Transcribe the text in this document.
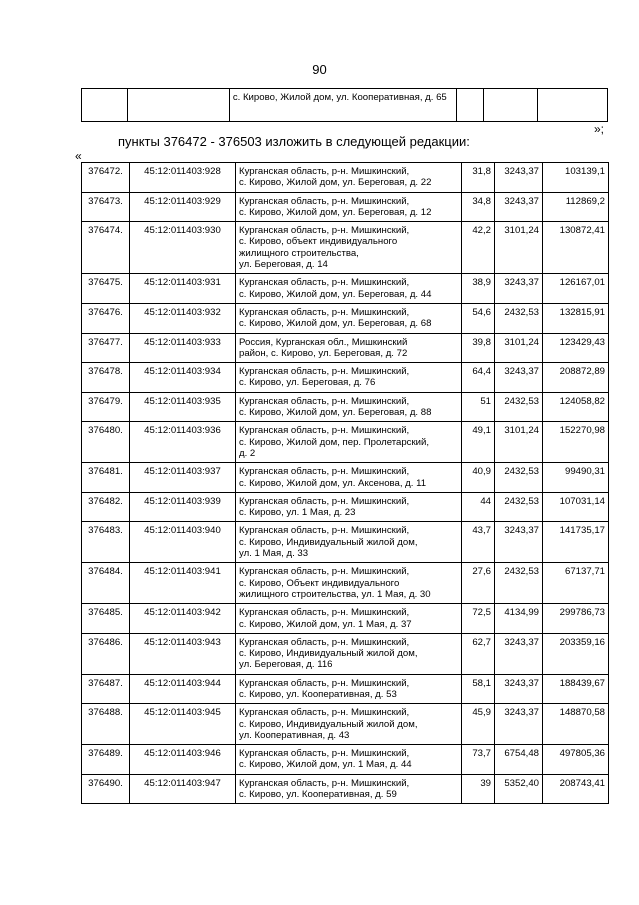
90
		с. Кирово, Жилой дом, ул. Кооперативная, д. 65			
»;
пункты 376472 - 376503 изложить в следующей редакции:
«
376472.	45:12:011403:928	Курганская область, р-н. Мишкинский,
с. Кирово, Жилой дом, ул. Береговая, д. 22	31,8	3243,37	103139,1
376473.	45:12:011403:929	Курганская область, р-н. Мишкинский,
с. Кирово, Жилой дом, ул. Береговая, д. 12	34,8	3243,37	112869,2
376474.	45:12:011403:930	Курганская область, р-н. Мишкинский,
с. Кирово, объект индивидуального
жилищного строительства,
ул. Береговая, д. 14	42,2	3101,24	130872,41
376475.	45:12:011403:931	Курганская область, р-н. Мишкинский,
с. Кирово, Жилой дом, ул. Береговая, д. 44	38,9	3243,37	126167,01
376476.	45:12:011403:932	Курганская область, р-н. Мишкинский,
с. Кирово, Жилой дом, ул. Береговая, д. 68	54,6	2432,53	132815,91
376477.	45:12:011403:933	Россия, Курганская обл., Мишкинский
район, с. Кирово, ул. Береговая, д. 72	39,8	3101,24	123429,43
376478.	45:12:011403:934	Курганская область, р-н. Мишкинский,
с. Кирово, ул. Береговая, д. 76	64,4	3243,37	208872,89
376479.	45:12:011403:935	Курганская область, р-н. Мишкинский,
с. Кирово, Жилой дом, ул. Береговая, д. 88	51	2432,53	124058,82
376480.	45:12:011403:936	Курганская область, р-н. Мишкинский,
с. Кирово, Жилой дом, пер. Пролетарский,
д. 2	49,1	3101,24	152270,98
376481.	45:12:011403:937	Курганская область, р-н. Мишкинский,
с. Кирово, Жилой дом, ул. Аксенова, д. 11	40,9	2432,53	99490,31
376482.	45:12:011403:939	Курганская область, р-н. Мишкинский,
с. Кирово, ул. 1 Мая, д. 23	44	2432,53	107031,14
376483.	45:12:011403:940	Курганская область, р-н. Мишкинский,
с. Кирово, Индивидуальный жилой дом,
ул. 1 Мая, д. 33	43,7	3243,37	141735,17
376484.	45:12:011403:941	Курганская область, р-н. Мишкинский,
с. Кирово, Объект индивидуального
жилищного строительства, ул. 1 Мая, д. 30	27,6	2432,53	67137,71
376485.	45:12:011403:942	Курганская область, р-н. Мишкинский,
с. Кирово, Жилой дом, ул. 1 Мая, д. 37	72,5	4134,99	299786,73
376486.	45:12:011403:943	Курганская область, р-н. Мишкинский,
с. Кирово, Индивидуальный жилой дом,
ул. Береговая, д. 116	62,7	3243,37	203359,16
376487.	45:12:011403:944	Курганская область, р-н. Мишкинский,
с. Кирово, ул. Кооперативная, д. 53	58,1	3243,37	188439,67
376488.	45:12:011403:945	Курганская область, р-н. Мишкинский,
с. Кирово, Индивидуальный жилой дом,
ул. Кооперативная, д. 43	45,9	3243,37	148870,58
376489.	45:12:011403:946	Курганская область, р-н. Мишкинский,
с. Кирово, Жилой дом, ул. 1 Мая, д. 44	73,7	6754,48	497805,36
376490.	45:12:011403:947	Курганская область, р-н. Мишкинский,
с. Кирово, ул. Кооперативная, д. 59	39	5352,40	208743,41
